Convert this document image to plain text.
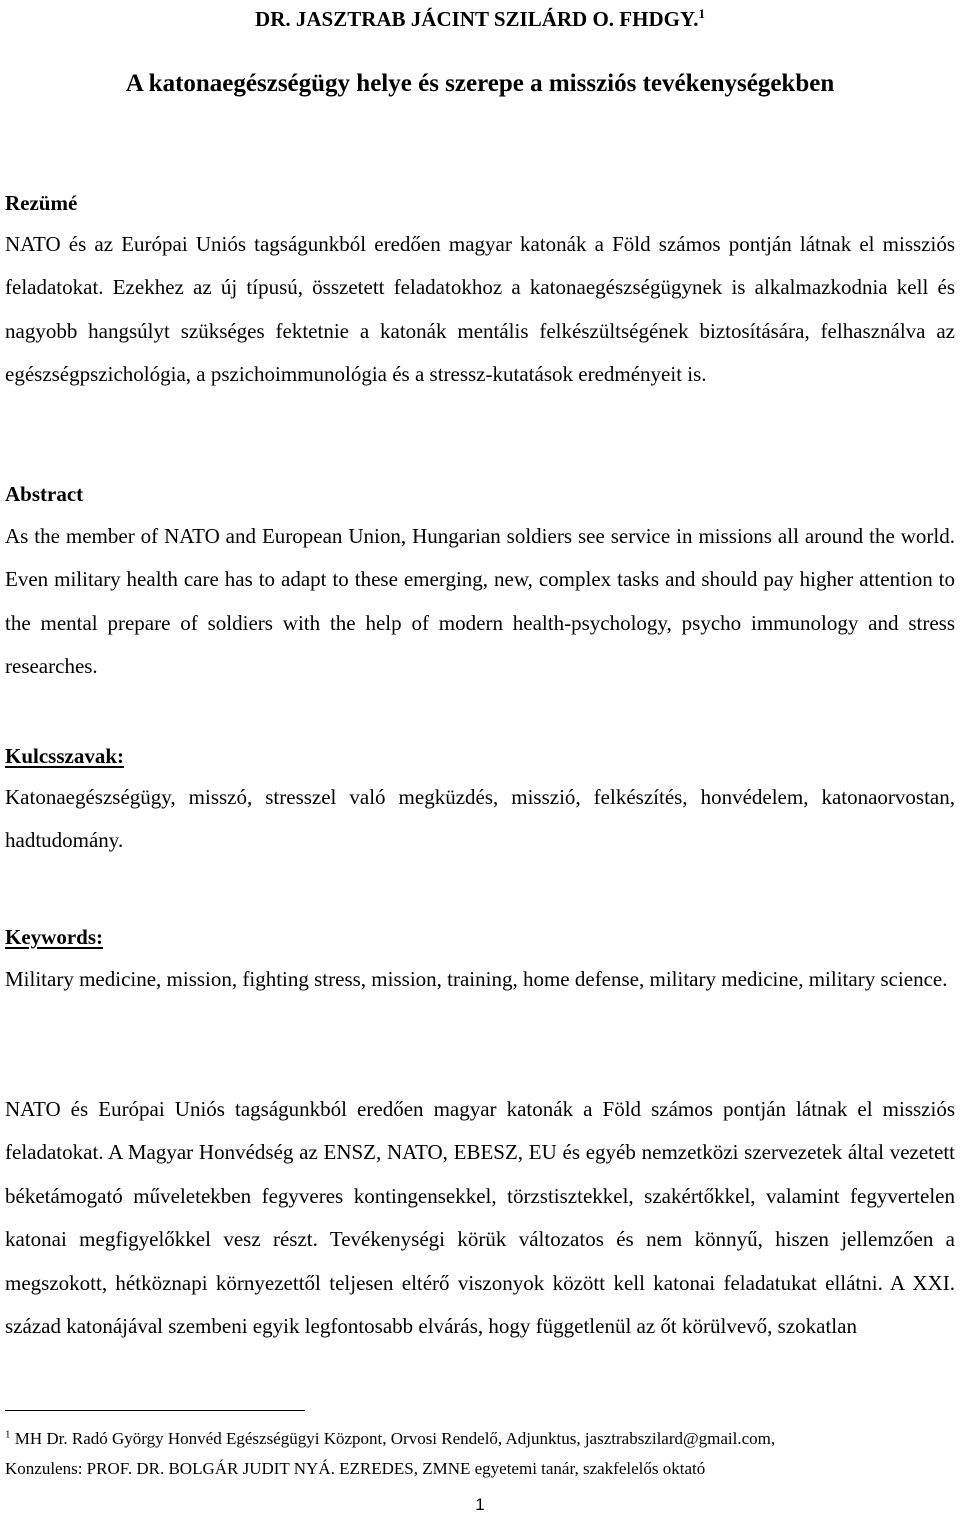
DR. JASZTRAB JÁCINT SZILÁRD O. FHDGY.$^1$
A katonaegészségügy helye és szerepe a missziós tevékenységekben
Rezümé

NATO és az Európai Uniós tagságunkból eredően magyar katonák a Föld számos pontján látnak el missziós feladatokat. Ezekhez az új típusú, összetett feladatokhoz a katonaegészségügynek is alkalmazkodnia kell és nagyobb hangsúlyt szükséges fektetnie a katonák mentális felkészültségének biztosítására, felhasználva az egészségpszichológia, a pszichoimmunológia és a stressz-kutatások eredményeit is.

Abstract

As the member of NATO and European Union, Hungarian soldiers see service in missions all around the world. Even military health care has to adapt to these emerging, new, complex tasks and should pay higher attention to the mental prepare of soldiers with the help of modern health-psychology, psycho immunology and stress researches.

Kulcsszavak:

Katonaegészségügy, misszó, stresszel való megküzdés, misszió, felkészítés, honvédelem, katonaorvostan, hadtudomány.

Keywords:

Military medicine, mission, fighting stress, mission, training, home defense, military medicine, military science.

NATO és Európai Uniós tagságunkból eredően magyar katonák a Föld számos pontján látnak el missziós feladatokat. A Magyar Honvédség az ENSZ, NATO, EBESZ, EU és egyéb nemzetközi szervezetek által vezetett béketámogató műveletekben fegyveres kontingensekkel, törzstisztekkel, szakértőkkel, valamint fegyvertelen katonai megfigyelőkkel vesz részt. Tevékenységi körük változatos és nem könnyű, hiszen jellemzően a megszokott, hétköznapi környezettől teljesen eltérő viszonyok között kell katonai feladatukat ellátni. A XXI. század katonájával szembeni egyik legfontosabb elvárás, hogy függetlenül az őt körülvevő, szokatlan

$^1$ MH Dr. Radó György Honvéd Egészségügyi Központ, Orvosi Rendelő, Adjunktus, jasztrabszilard@gmail.com,
Konzulens: PROF. DR. BOLGÁR JUDIT NYÁ. EZREDES, ZMNE egyetemi tanár, szakfelelős oktató
1
